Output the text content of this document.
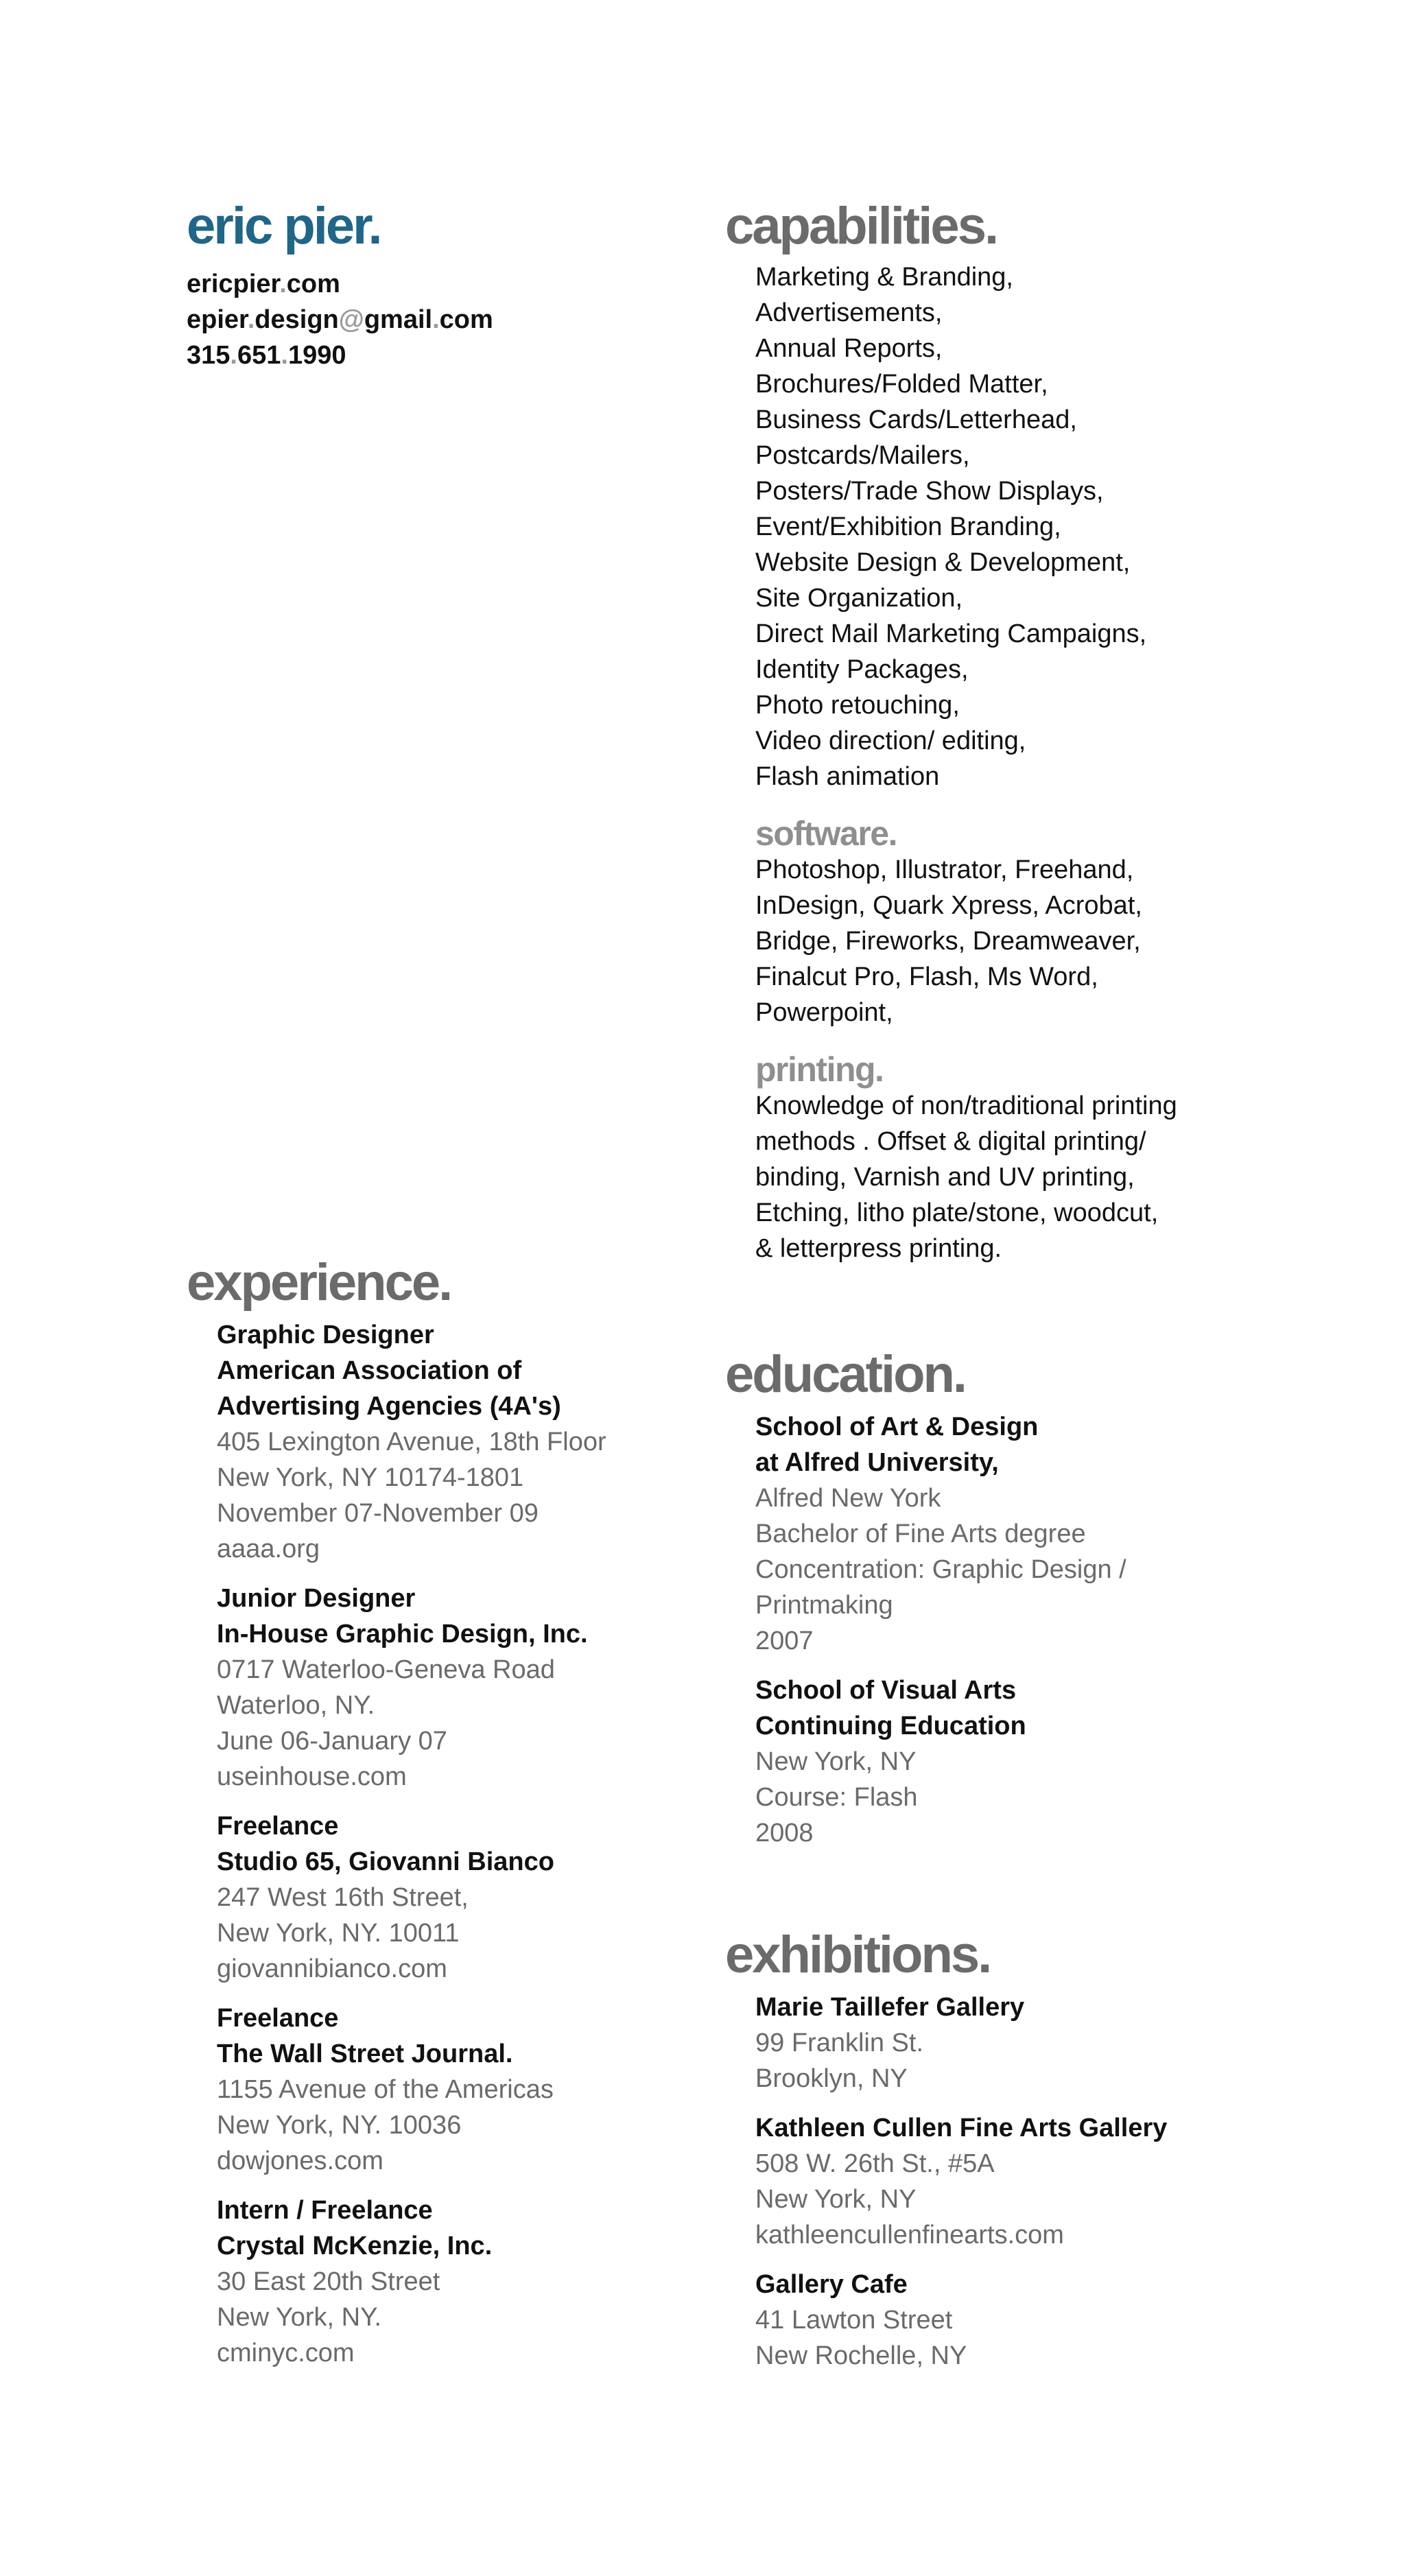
eric pier.
ericpier.com
epier.design@gmail.com
315.651.1990
capabilities.
Marketing & Branding,
Advertisements,
Annual Reports,
Brochures/Folded Matter,
Business Cards/Letterhead,
Postcards/Mailers,
Posters/Trade Show Displays,
Event/Exhibition Branding,
Website Design & Development,
Site Organization,
Direct Mail Marketing Campaigns,
Identity Packages,
Photo retouching,
Video direction/ editing,
Flash animation
software.
Photoshop, Illustrator, Freehand,
InDesign, Quark Xpress, Acrobat,
Bridge, Fireworks, Dreamweaver,
Finalcut Pro, Flash, Ms Word,
Powerpoint,
printing.
Knowledge of non/traditional printing
methods . Offset & digital printing/
binding, Varnish and UV printing,
Etching, litho plate/stone, woodcut,
& letterpress printing.
experience.
Graphic Designer
American Association of
Advertising Agencies (4A's)
405 Lexington Avenue, 18th Floor
New York, NY 10174-1801
November 07-November 09
aaaa.org
Junior Designer
In-House Graphic Design, Inc.
0717 Waterloo-Geneva Road
Waterloo, NY.
June 06-January 07
useinhouse.com
Freelance
Studio 65, Giovanni Bianco
247 West 16th Street,
New York, NY. 10011
giovannibianco.com
Freelance
The Wall Street Journal.
1155 Avenue of the Americas
New York, NY. 10036
dowjones.com
Intern / Freelance
Crystal McKenzie, Inc.
30 East 20th Street
New York, NY.
cminyc.com
education.
School of Art & Design
at Alfred University,
Alfred New York
Bachelor of Fine Arts degree
Concentration: Graphic Design /
Printmaking
2007
School of Visual Arts
Continuing Education
New York, NY
Course: Flash
2008
exhibitions.
Marie Taillefer Gallery
99 Franklin St.
Brooklyn, NY
Kathleen Cullen Fine Arts Gallery
508 W. 26th St., #5A
New York, NY
kathleencullenfinearts.com
Gallery Cafe
41 Lawton Street
New Rochelle, NY
